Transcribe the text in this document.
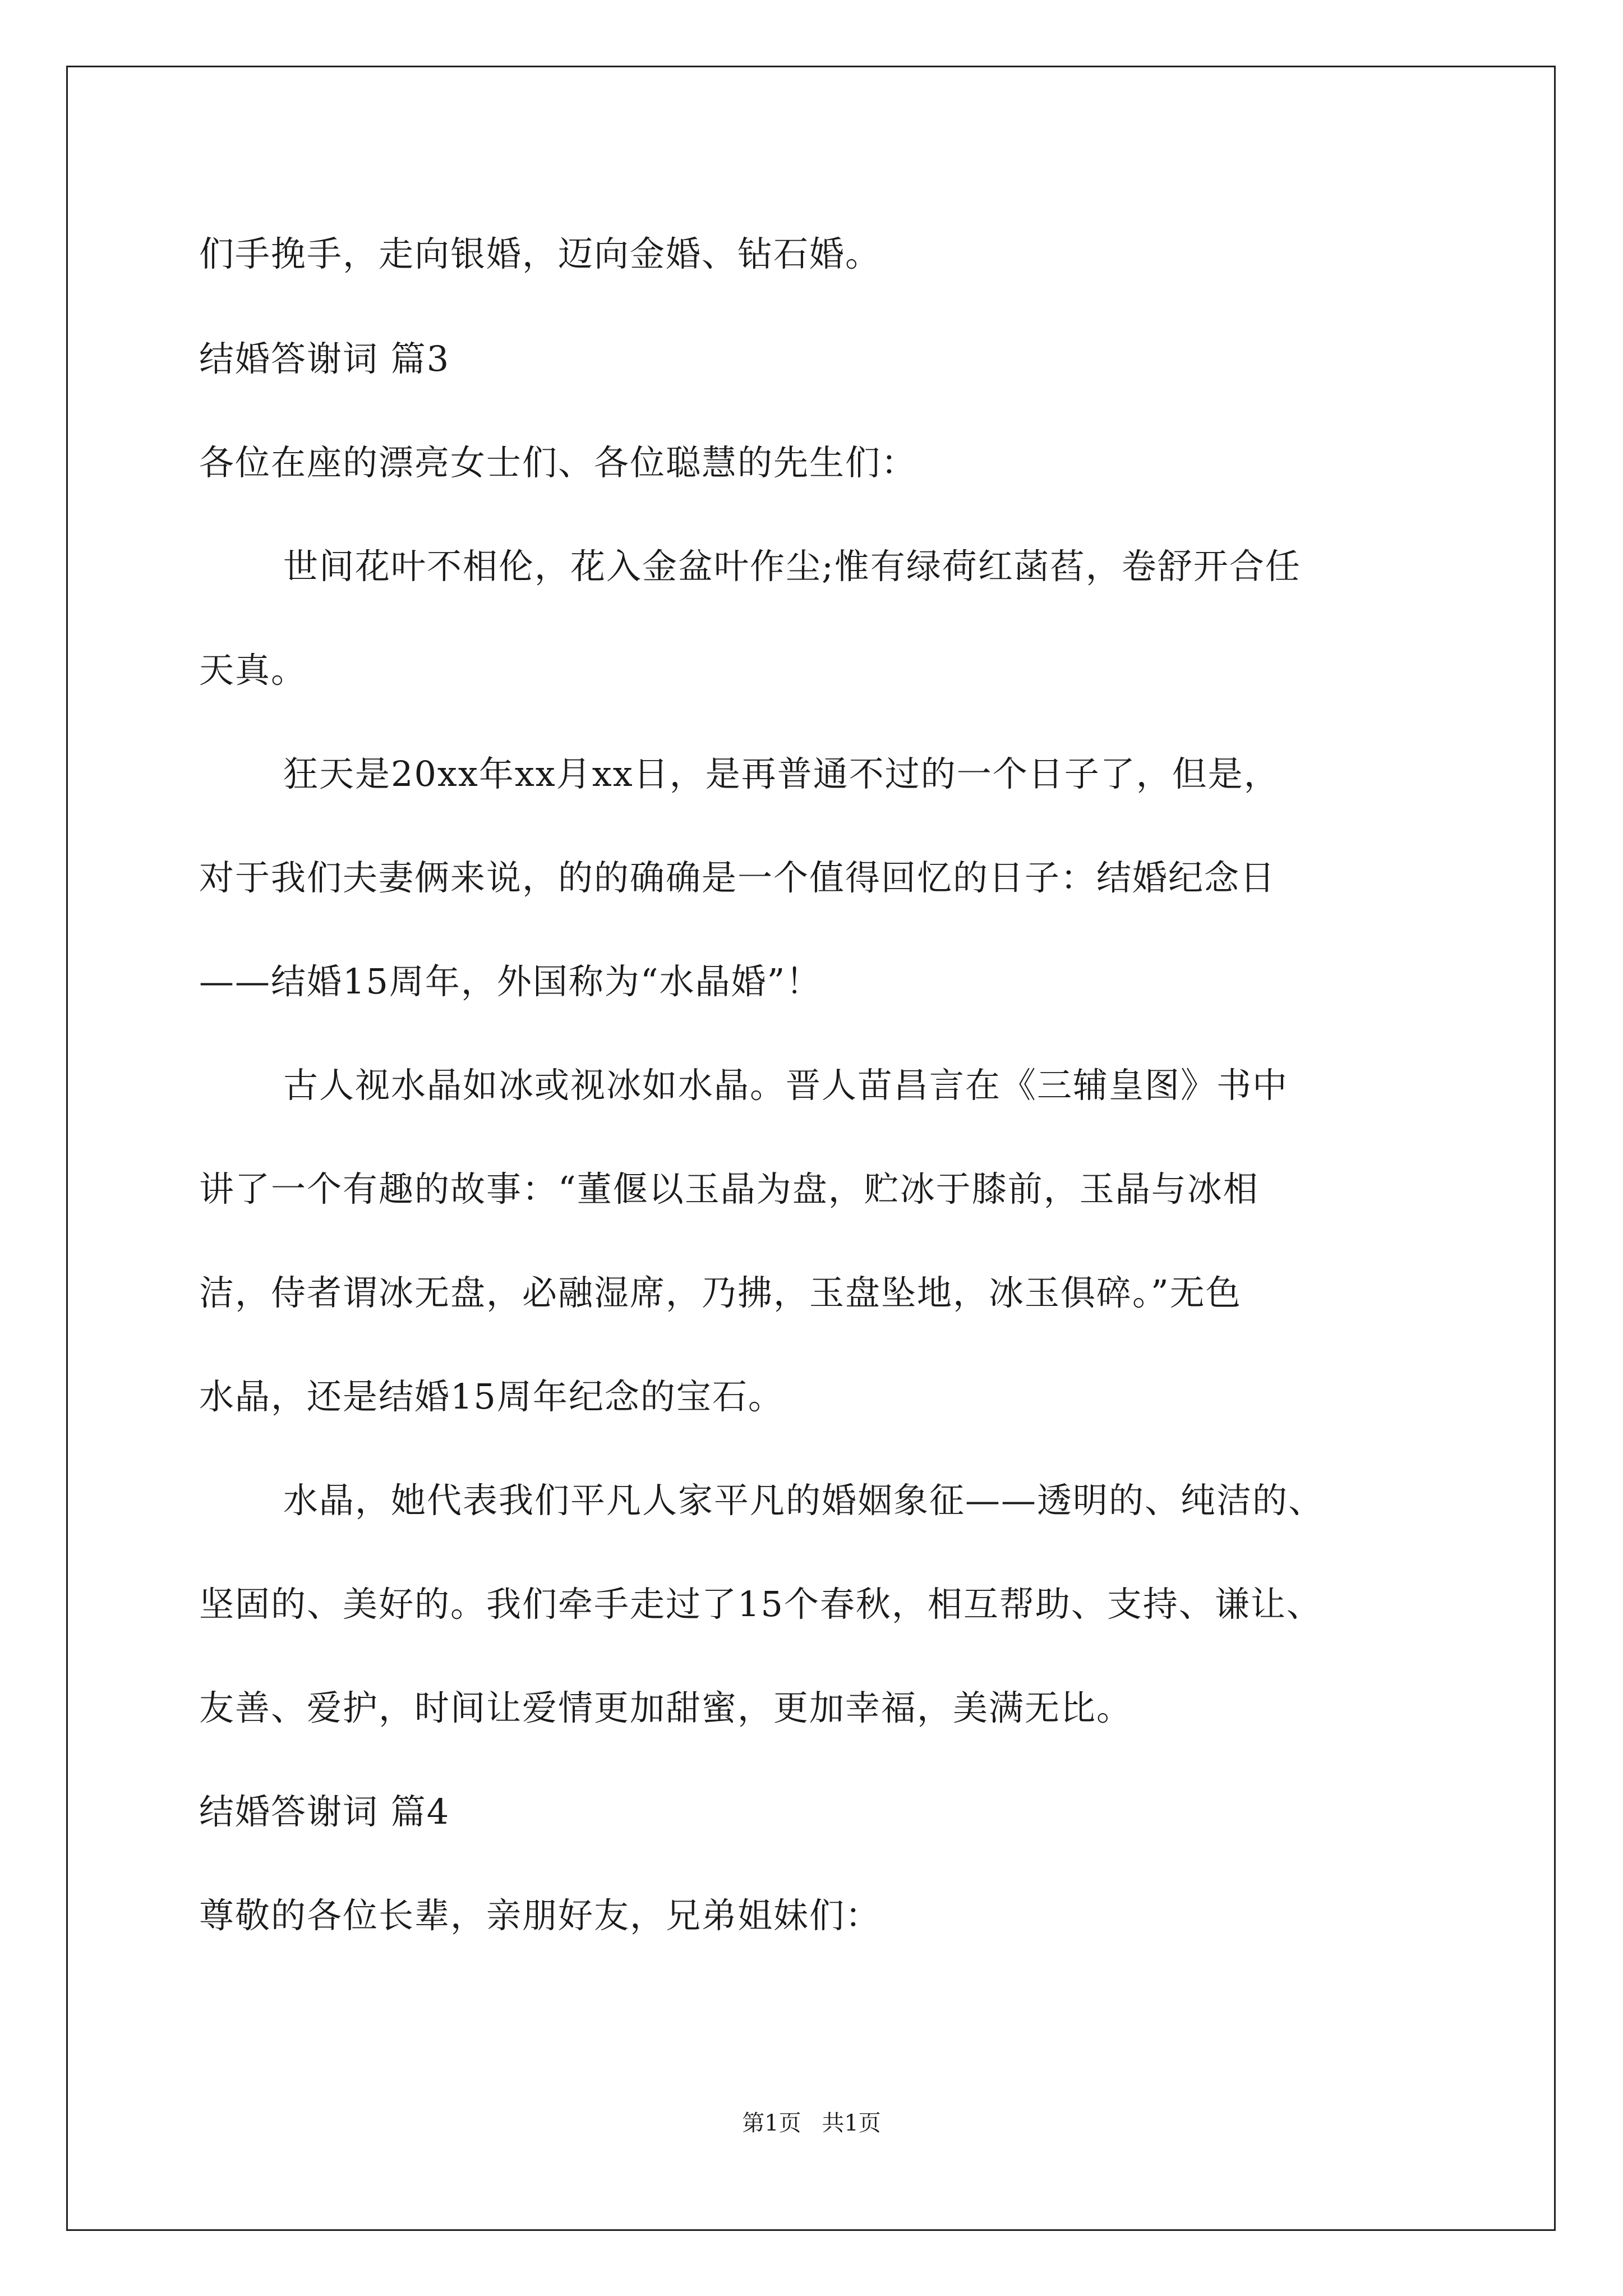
们手挽手，走向银婚，迈向金婚、钻石婚。
结婚答谢词 篇3
各位在座的漂亮女士们、各位聪慧的先生们：
世间花叶不相伦，花入金盆叶作尘;惟有绿荷红菡萏，卷舒开合任
天真。
狂天是20xx年xx月xx日，是再普通不过的一个日子了，但是，
对于我们夫妻俩来说，的的确确是一个值得回忆的日子：结婚纪念日
——结婚15周年，外国称为“水晶婚”！
古人视水晶如冰或视冰如水晶。晋人苗昌言在《三辅皇图》书中
讲了一个有趣的故事：“董偃以玉晶为盘，贮冰于膝前，玉晶与冰相
洁，侍者谓冰无盘，必融湿席，乃拂，玉盘坠地，冰玉俱碎。”无色
水晶，还是结婚15周年纪念的宝石。
水晶，她代表我们平凡人家平凡的婚姻象征——透明的、纯洁的、
坚固的、美好的。我们牵手走过了15个春秋，相互帮助、支持、谦让、
友善、爱护，时间让爱情更加甜蜜，更加幸福，美满无比。
结婚答谢词 篇4
尊敬的各位长辈，亲朋好友，兄弟姐妹们：
第1页 共1页
